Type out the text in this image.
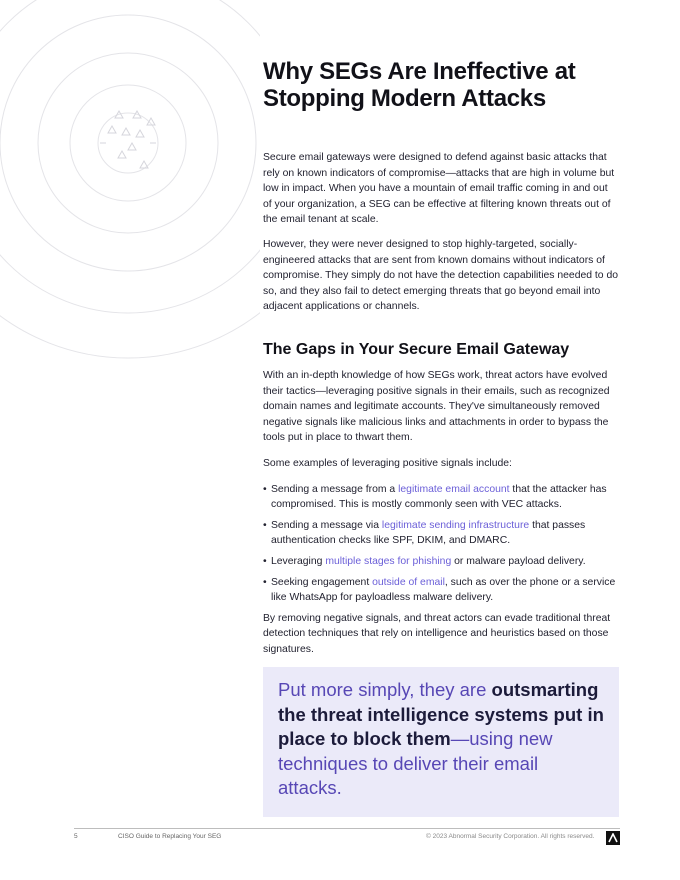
Why SEGs Are Ineffective at
Stopping Modern Attacks

Secure email gateways were designed to defend against basic attacks that rely on known indicators of compromise—attacks that are high in volume but low in impact. When you have a mountain of email traffic coming in and out of your organization, a SEG can be effective at filtering known threats out of the email tenant at scale.

However, they were never designed to stop highly-targeted, socially-engineered attacks that are sent from known domains without indicators of compromise. They simply do not have the detection capabilities needed to do so, and they also fail to detect emerging threats that go beyond email into adjacent applications or channels.

The Gaps in Your Secure Email Gateway

With an in-depth knowledge of how SEGs work, threat actors have evolved their tactics—leveraging positive signals in their emails, such as recognized domain names and legitimate accounts. They've simultaneously removed negative signals like malicious links and attachments in order to bypass the tools put in place to thwart them.

Some examples of leveraging positive signals include:

• Sending a message from a legitimate email account that the attacker has compromised. This is mostly commonly seen with VEC attacks.
• Sending a message via legitimate sending infrastructure that passes authentication checks like SPF, DKIM, and DMARC.
• Leveraging multiple stages for phishing or malware payload delivery.
• Seeking engagement outside of email, such as over the phone or a service like WhatsApp for payloadless malware delivery.

By removing negative signals, and threat actors can evade traditional threat detection techniques that rely on intelligence and heuristics based on those signatures.

Put more simply, they are outsmarting the threat intelligence systems put in place to block them—using new techniques to deliver their email attacks.

5	CISO Guide to Replacing Your SEG	© 2023 Abnormal Security Corporation. All rights reserved.
